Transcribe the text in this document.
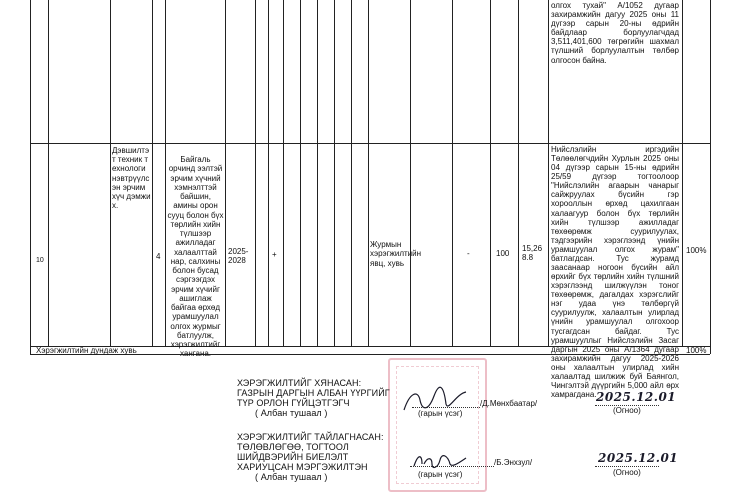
олгох тухай" А/1052 дугаар захирамжийн дагуу 2025 оны 11 дүгээр сарын 20-ны өдрийн байдлаар борлуулагчдад 3,511,401,600 төгрөгийн шахмал түлшний борлуулалтын төлбөр олгосон байна.
10
Дэвшилтэт техник технологи нэвтрүүлсэн эрчим хүч дэмжих.
4
Байгаль орчинд ээлтэй эрчим хүчний хэмнэлттэй байшин, амины орон сууц болон бүх төрлийн хийн түлшээр ажилладаг халаалттай нар, салхины болон бусад сэргээгдэх эрчим хүчийг ашиглаж байгаа өрхөд урамшуулал олгох журмыг батлуулж, хэрэгжилтийг хангана.
2025-2028
+
Журмын хэрэгжилтийн явц, хувь
-	100
15,268.8
Нийслэлийн иргэдийн Төлөөлөгчдийн Хурлын 2025 оны 04 дүгээр сарын 15-ны өдрийн 25/59 дүгээр тогтоолоор "Нийслэлийн агаарын чанарыг сайжруулах бүсийн гэр хорооллын өрхөд цахилгаан халаагуур болон бүх төрлийн хийн түлшээр ажилладаг төхөөрөмж суурилуулах, тэдгээрийн хэрэглээнд үнийн урамшуулал олгох журам" батлагдсан. Тус журамд заасанаар ногоон бүсийн айл өрхийг бүх төрлийн хийн түлшний хэрэглээнд шилжүүлэн тоног төхөөрөмж, дагалдах хэрэгслийг нэг удаа үнэ төлбөргүй суурилуулж, халаалтын улирлад үнийн урамшуулал олгохоор тусгагдсан байдаг. Тус урамшууллыг Нийслэлийн Засаг даргын 2025 оны А/1364 дугаар захирамжийн дагуу 2025-2026 оны халаалтын улирлад хийн халаалтад шилжиж буй Баянгол, Чингэлтэй дүүргийн 5,000 айл өрх хамрагдана.
100%
Хэрэгжилтийн дундаж хувь	100%
ХЭРЭГЖИЛТИЙГ ХЯНАСАН:
ГАЗРЫН ДАРГЫН АЛБАН ҮҮРГИЙГ
ТҮР ОРЛОН ГҮЙЦЭТГЭГЧ
( Албан тушаал )
/Д.Мөнхбаатар/
(гарын үсэг)
2025.12.01
(Огноо)
ХЭРЭГЖИЛТИЙГ ТАЙЛАГНАСАН:
ТӨЛӨВЛӨГӨӨ, ТОГТООЛ
ШИЙДВЭРИЙН БИЕЛЭЛТ
ХАРИУЦСАН МЭРГЭЖИЛТЭН
( Албан тушаал )
/Б.Энхзул/
(гарын үсэг)
2025.12.01
(Огноо)
